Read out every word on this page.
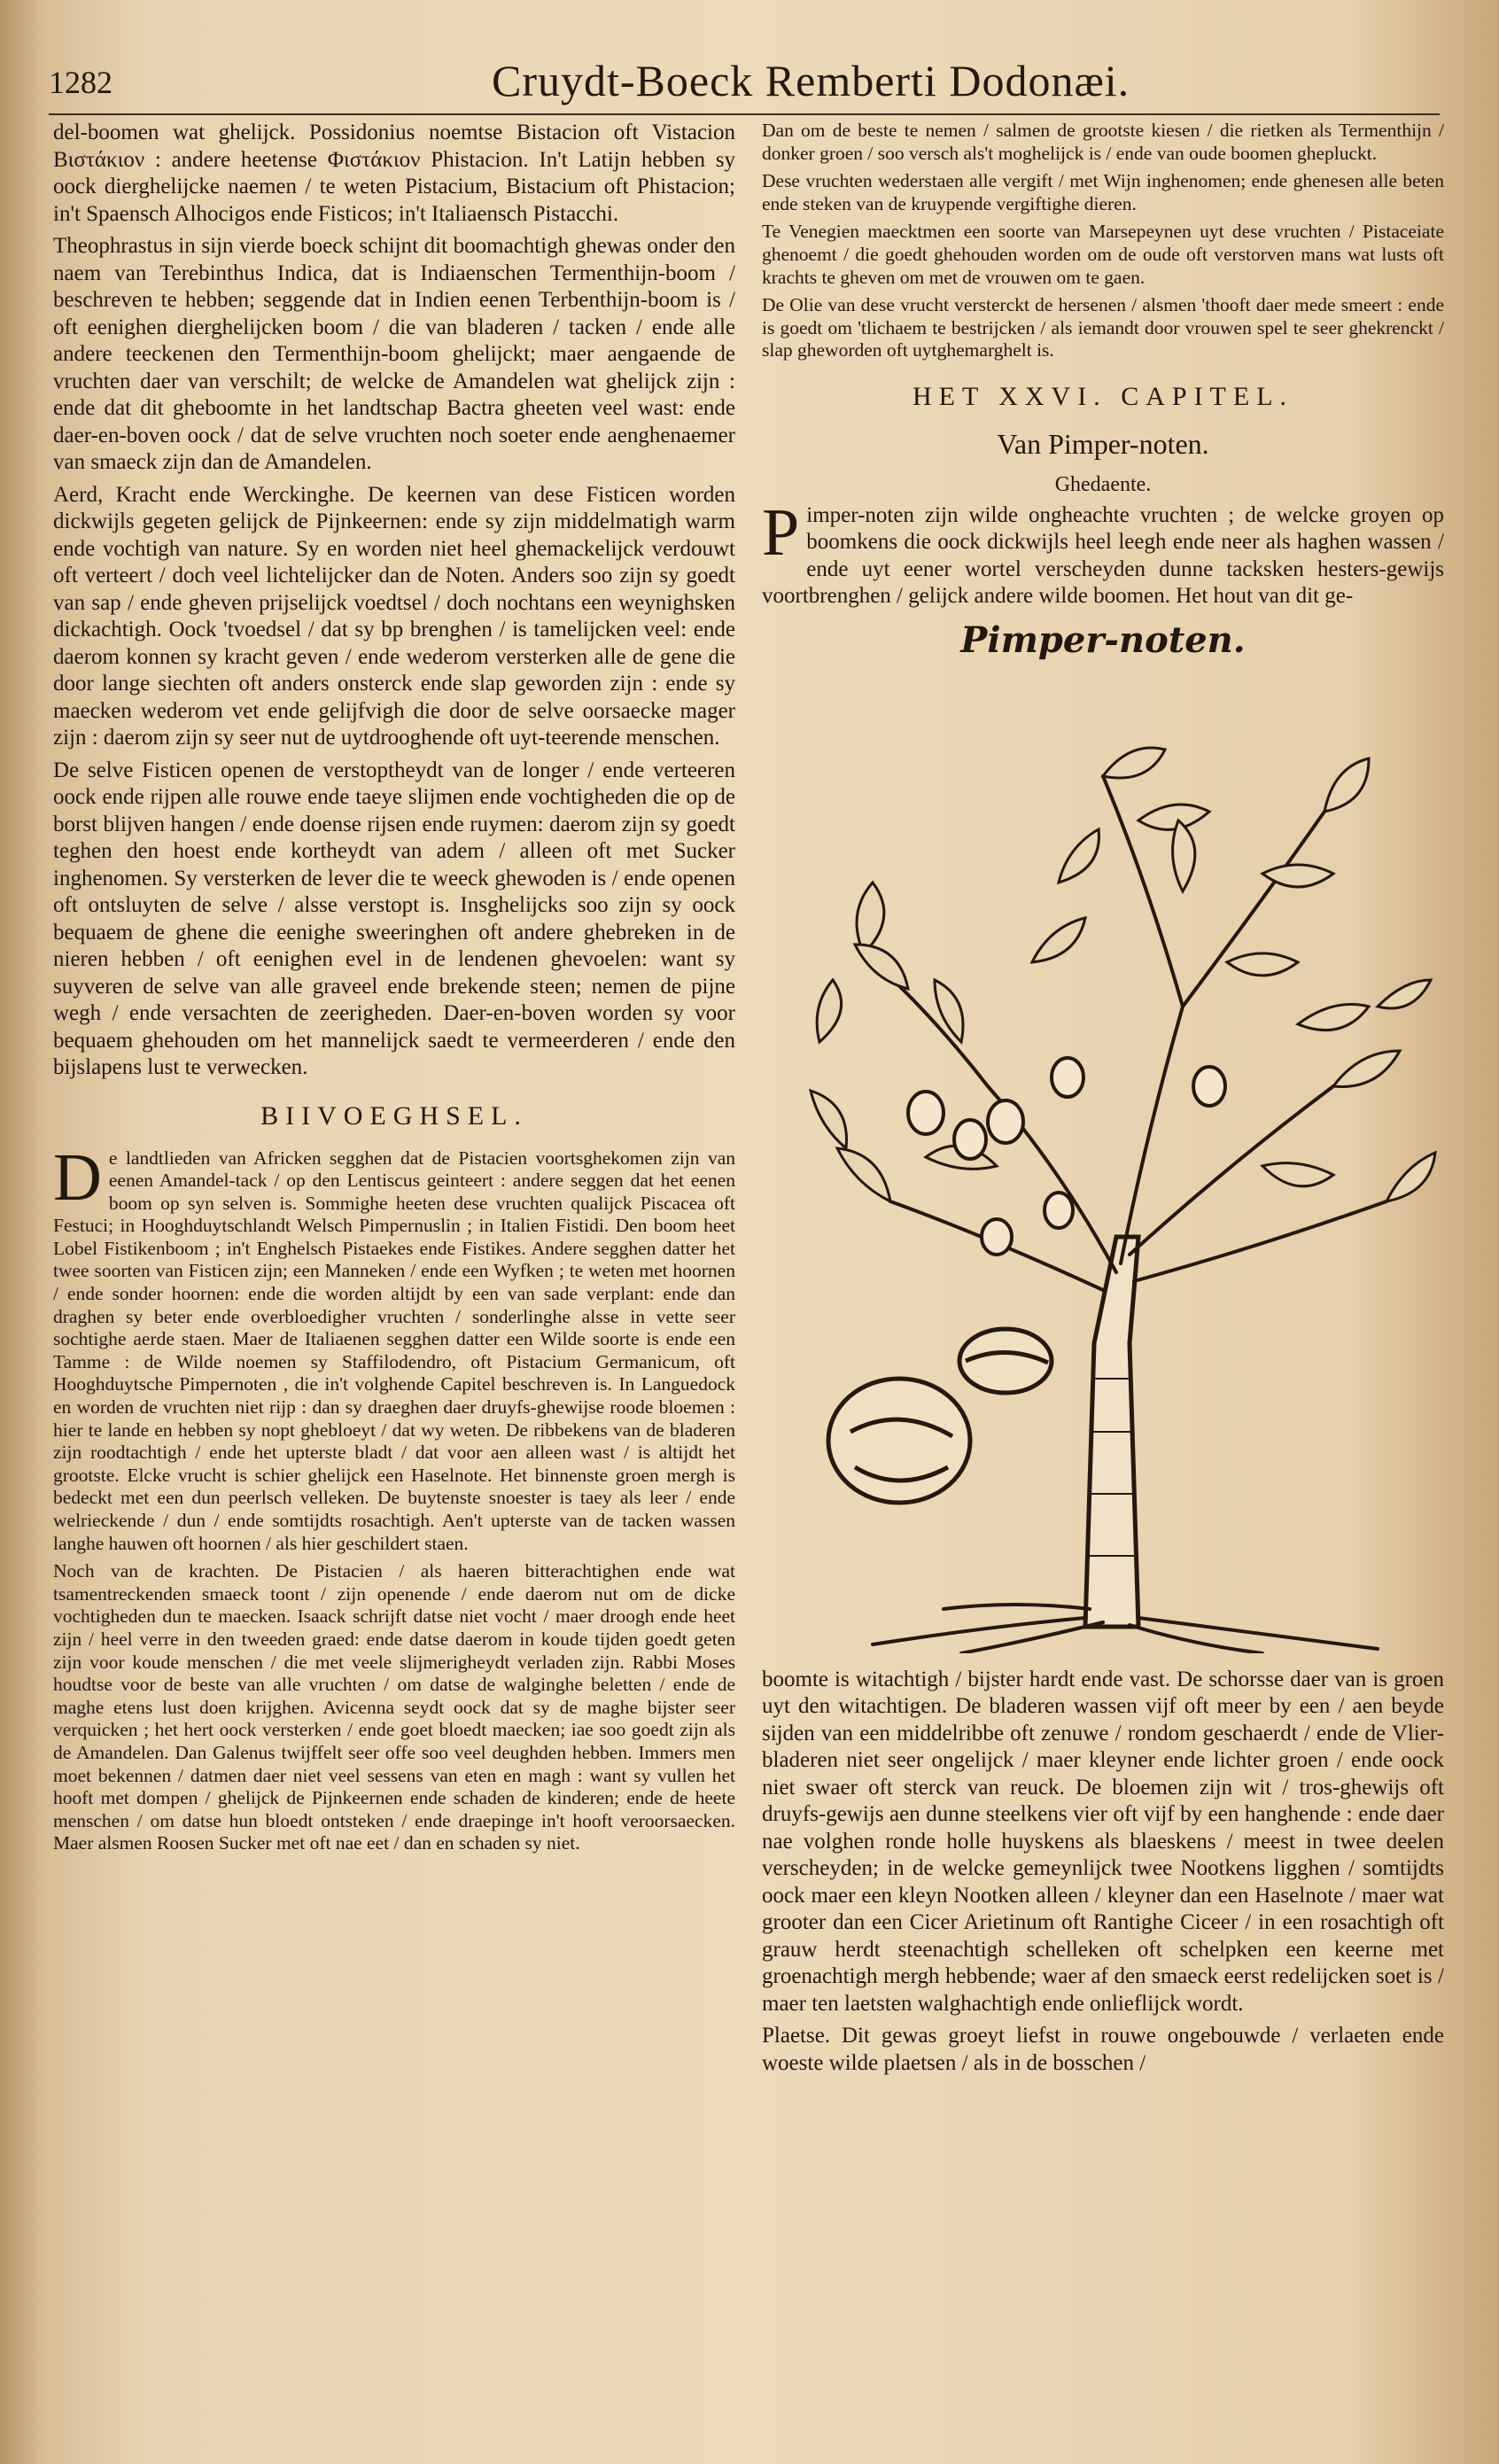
1282	Cruydt-Boeck Remberti Dodonæi.

del-boomen wat ghelijck. Possidonius noemtse Bistacion oft Vistacion Βιστάκιον : andere heetense Φιστάκιον Phistacion. In't Latijn hebben sy oock dierghelijcke naemen / te weten Pistacium, Bistacium oft Phistacion; in't Spaensch Alhocigos ende Fisticos; in't Italiaensch Pistacchi.

Theophrastus in sijn vierde boeck schijnt dit boomachtigh ghewas onder den naem van Terebinthus Indica, dat is Indiaenschen Termenthijn-boom / beschreven te hebben; seggende dat in Indien eenen Terbenthijn-boom is / oft eenighen dierghelijcken boom / die van bladeren / tacken / ende alle andere teeckenen den Termenthijn-boom ghelijckt; maer aengaende de vruchten daer van verschilt; de welcke de Amandelen wat ghelijck zijn : ende dat dit gheboomte in het landtschap Bactra gheeten veel wast: ende daer-en-boven oock / dat de selve vruchten noch soeter ende aenghenaemer van smaeck zijn dan de Amandelen.

Aerd, Kracht ende Werckinghe. De keernen van dese Fisticen worden dickwijls gegeten gelijck de Pijnkeernen: ende sy zijn middelmatigh warm ende vochtigh van nature. Sy en worden niet heel ghemackelijck verdouwt oft verteert / doch veel lichtelijcker dan de Noten. Anders soo zijn sy goedt van sap / ende gheven prijselijck voedtsel / doch nochtans een weynighsken dickachtigh. Oock 'tvoedsel / dat sy bp brenghen / is tamelijcken veel: ende daerom konnen sy kracht geven / ende wederom versterken alle de gene die door lange siechten oft anders onsterck ende slap geworden zijn : ende sy maecken wederom vet ende gelijfvigh die door de selve oorsaecke mager zijn : daerom zijn sy seer nut de uytdrooghende oft uyt-teerende menschen.

De selve Fisticen openen de verstoptheydt van de longer / ende verteeren oock ende rijpen alle rouwe ende taeye slijmen ende vochtigheden die op de borst blijven hangen / ende doense rijsen ende ruymen: daerom zijn sy goedt teghen den hoest ende kortheydt van adem / alleen oft met Sucker inghenomen. Sy versterken de lever die te weeck ghewoden is / ende openen oft ontsluyten de selve / alsse verstopt is. Insghelijcks soo zijn sy oock bequaem de ghene die eenighe sweeringhen oft andere ghebreken in de nieren hebben / oft eenighen evel in de lendenen ghevoelen: want sy suyveren de selve van alle graveel ende brekende steen; nemen de pijne wegh / ende versachten de zeerigheden. Daer-en-boven worden sy voor bequaem ghehouden om het mannelijck saedt te vermeerderen / ende den bijslapens lust te verwecken.

BIIVOEGHSEL.

De landtlieden van Africken segghen dat de Pistacien voortsghekomen zijn van eenen Amandel-tack / op den Lentiscus geinteert : andere seggen dat het eenen boom op syn selven is. Sommighe heeten dese vruchten qualijck Piscacea oft Festuci; in Hooghduytschlandt Welsch Pimpernuslin ; in Italien Fistidi. Den boom heet Lobel Fistikenboom ; in't Enghelsch Pistaekes ende Fistikes. Andere segghen datter het twee soorten van Fisticen zijn; een Manneken / ende een Wyfken ; te weten met hoornen / ende sonder hoornen: ende die worden altijdt by een van sade verplant: ende dan draghen sy beter ende overbloedigher vruchten / sonderlinghe alsse in vette seer sochtighe aerde staen. Maer de Italiaenen segghen datter een Wilde soorte is ende een Tamme : de Wilde noemen sy Staffilodendro, oft Pistacium Germanicum, oft Hooghduytsche Pimpernoten , die in't volghende Capitel beschreven is. In Languedock en worden de vruchten niet rijp : dan sy draeghen daer druyfs-ghewijse roode bloemen : hier te lande en hebben sy nopt ghebloeyt / dat wy weten. De ribbekens van de bladeren zijn roodtachtigh / ende het upterste bladt / dat voor aen alleen wast / is altijdt het grootste. Elcke vrucht is schier ghelijck een Haselnote. Het binnenste groen mergh is bedeckt met een dun peerlsch velleken. De buytenste snoester is taey als leer / ende welrieckende / dun / ende somtijdts rosachtigh. Aen't upterste van de tacken wassen langhe hauwen oft hoornen / als hier geschildert staen.

Noch van de krachten. De Pistacien / als haeren bitterachtighen ende wat tsamentreckenden smaeck toont / zijn openende / ende daerom nut om de dicke vochtigheden dun te maecken. Isaack schrijft datse niet vocht / maer droogh ende heet zijn / heel verre in den tweeden graed: ende datse daerom in koude tijden goedt geten zijn voor koude menschen / die met veele slijmerigheydt verladen zijn. Rabbi Moses houdtse voor de beste van alle vruchten / om datse de walginghe beletten / ende de maghe etens lust doen krijghen. Avicenna seydt oock dat sy de maghe bijster seer verquicken ; het hert oock versterken / ende goet bloedt maecken; iae soo goedt zijn als de Amandelen. Dan Galenus twijffelt seer offe soo veel deughden hebben. Immers men moet bekennen / datmen daer niet veel sessens van eten en magh : want sy vullen het hooft met dompen / ghelijck de Pijnkeernen ende schaden de kinderen; ende de heete menschen / om datse hun bloedt ontsteken / ende draepinge in't hooft veroorsaecken. Maer alsmen Roosen Sucker met oft nae eet / dan en schaden sy niet.

Dan om de beste te nemen / salmen de grootste kiesen / die rietken als Termenthijn / donker groen / soo versch als't moghelijck is / ende van oude boomen ghepluckt.

Dese vruchten wederstaen alle vergift / met Wijn inghenomen; ende ghenesen alle beten ende steken van de kruypende vergiftighe dieren.

Te Venegien maecktmen een soorte van Marsepeynen uyt dese vruchten / Pistaceiate ghenoemt / die goedt ghehouden worden om de oude oft verstorven mans wat lusts oft krachts te gheven om met de vrouwen om te gaen.

De Olie van dese vrucht versterckt de hersenen / alsmen 'thooft daer mede smeert : ende is goedt om 'tlichaem te bestrijcken / als iemandt door vrouwen spel te seer ghekrenckt / slap gheworden oft uytghemarghelt is.

HET XXVI. CAPITEL.
Van Pimper-noten.
Ghedaente.

Pimper-noten zijn wilde ongheachte vruchten ; de welcke groyen op boomkens die oock dickwijls heel leegh ende neer als haghen wassen / ende uyt eener wortel verscheyden dunne tacksken hesters-gewijs voortbrenghen / gelijck andere wilde boomen. Het hout van dit ge-

Pimper-noten.

boomte is witachtigh / bijster hardt ende vast. De schorsse daer van is groen uyt den witachtigen. De bladeren wassen vijf oft meer by een / aen beyde sijden van een middelribbe oft zenuwe / rondom geschaerdt / ende de Vlier-bladeren niet seer ongelijck / maer kleyner ende lichter groen / ende oock niet swaer oft sterck van reuck. De bloemen zijn wit / tros-ghewijs oft druyfs-gewijs aen dunne steelkens vier oft vijf by een hanghende : ende daer nae volghen ronde holle huyskens als blaeskens / meest in twee deelen verscheyden; in de welcke gemeynlijck twee Nootkens ligghen / somtijdts oock maer een kleyn Nootken alleen / kleyner dan een Haselnote / maer wat grooter dan een Cicer Arietinum oft Rantighe Ciceer / in een rosachtigh oft grauw herdt steenachtigh schelleken oft schelpken een keerne met groenachtigh mergh hebbende; waer af den smaeck eerst redelijcken soet is / maer ten laetsten walghachtigh ende onlieflijck wordt.

Plaetse. Dit gewas groeyt liefst in rouwe ongebouwde / verlaeten ende woeste wilde plaetsen / als in de bosschen /
